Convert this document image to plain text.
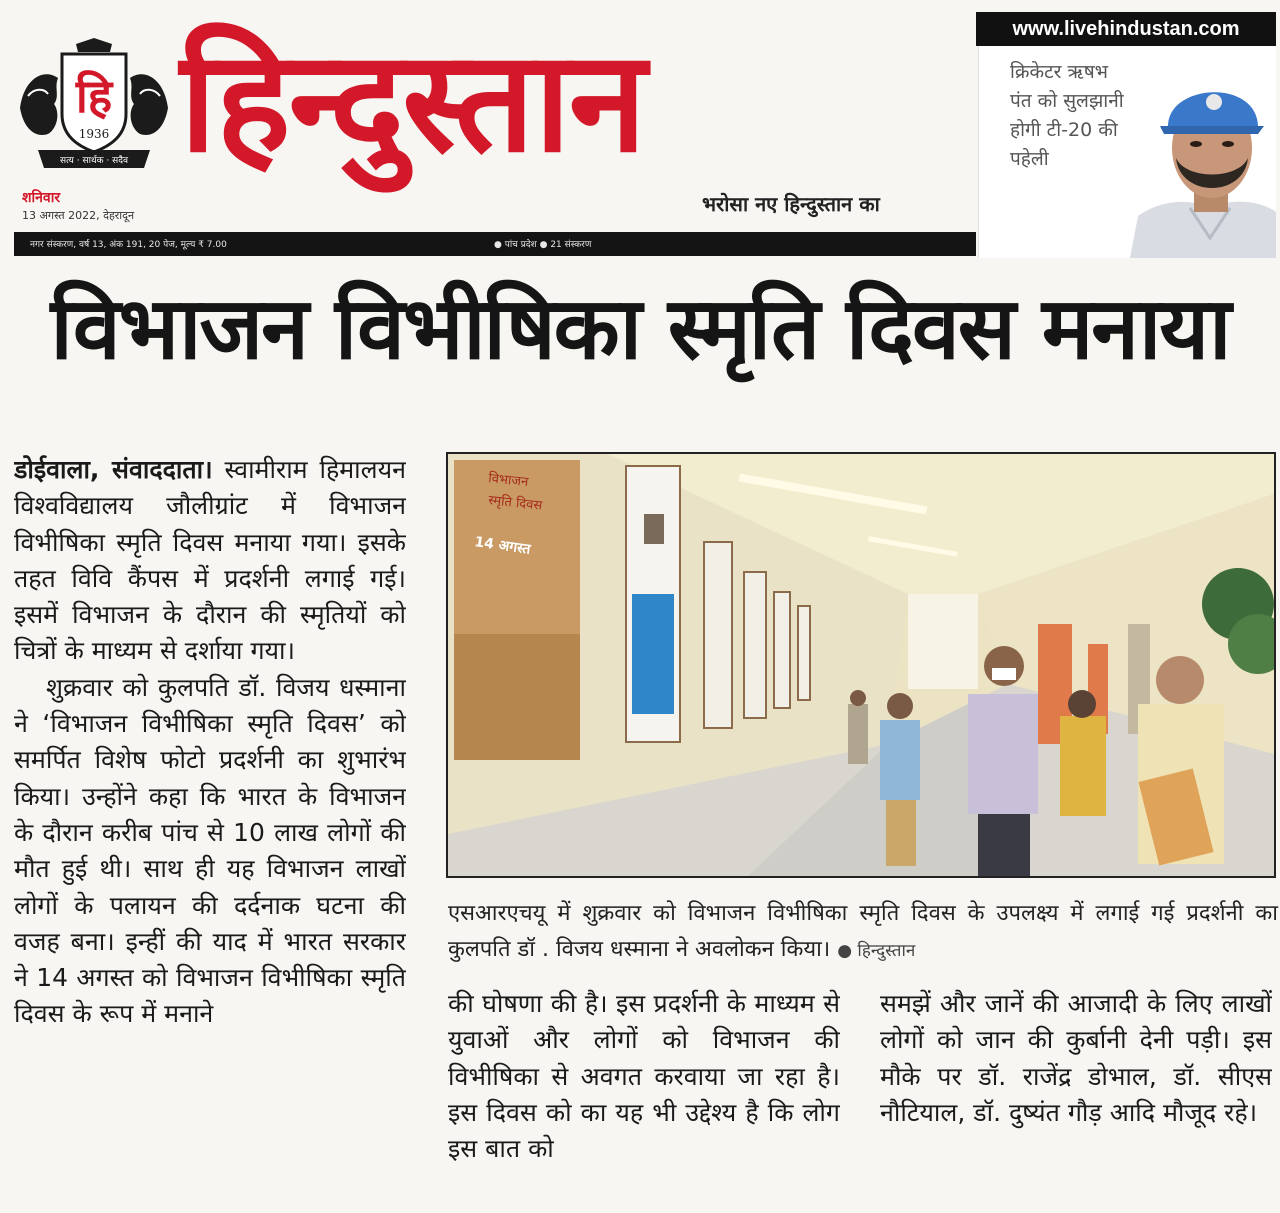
हि
1936
सत्य · सार्थक · सदैव हिन्दुस्तान
शनिवार
13 अगस्त 2022, देहरादून	भरोसा नए हिन्दुस्तान का
www.livehindustan.com
क्रिकेटर ऋषभ
पंत को सुलझानी
होगी टी-20 की
पहेली
नगर संस्करण, वर्ष 13, अंक 191, 20 पेज, मूल्य ₹ 7.00	● पांच प्रदेश ● 21 संस्करण
विभाजन विभीषिका स्मृति दिवस मनाया
डोईवाला, संवाददाता। स्वामीराम हिमालयन विश्वविद्यालय जौलीग्रांट में विभाजन विभीषिका स्मृति दिवस मनाया गया। इसके तहत विवि कैंपस में प्रदर्शनी लगाई गई। इसमें विभाजन के दौरान की स्मृतियों को चित्रों के माध्यम से दर्शाया गया।
शुक्रवार को कुलपति डॉ. विजय धस्माना ने ‘विभाजन विभीषिका स्मृति दिवस’ को समर्पित विशेष फोटो प्रदर्शनी का शुभारंभ किया। उन्होंने कहा कि भारत के विभाजन के दौरान करीब पांच से 10 लाख लोगों की मौत हुई थी। साथ ही यह विभाजन लाखों लोगों के पलायन की दर्दनाक घटना की वजह बना। इन्हीं की याद में भारत सरकार ने 14 अगस्त को विभाजन विभीषिका स्मृति दिवस के रूप में मनाने
विभाजन
स्मृति दिवस
14 अगस्त
एसआरएचयू में शुक्रवार को विभाजन विभीषिका स्मृति दिवस के उपलक्ष्य में लगाई गई प्रदर्शनी का कुलपति डॉ . विजय धस्माना ने अवलोकन किया। ● हिन्दुस्तान
की घोषणा की है। इस प्रदर्शनी के माध्यम से युवाओं और लोगों को विभाजन की विभीषिका से अवगत करवाया जा रहा है। इस दिवस को का यह भी उद्देश्य है कि लोग इस बात को
समझें और जानें की आजादी के लिए लाखों लोगों को जान की कुर्बानी देनी पड़ी। इस मौके पर डॉ. राजेंद्र डोभाल, डॉ. सीएस नौटियाल, डॉ. दुष्यंत गौड़ आदि मौजूद रहे।
